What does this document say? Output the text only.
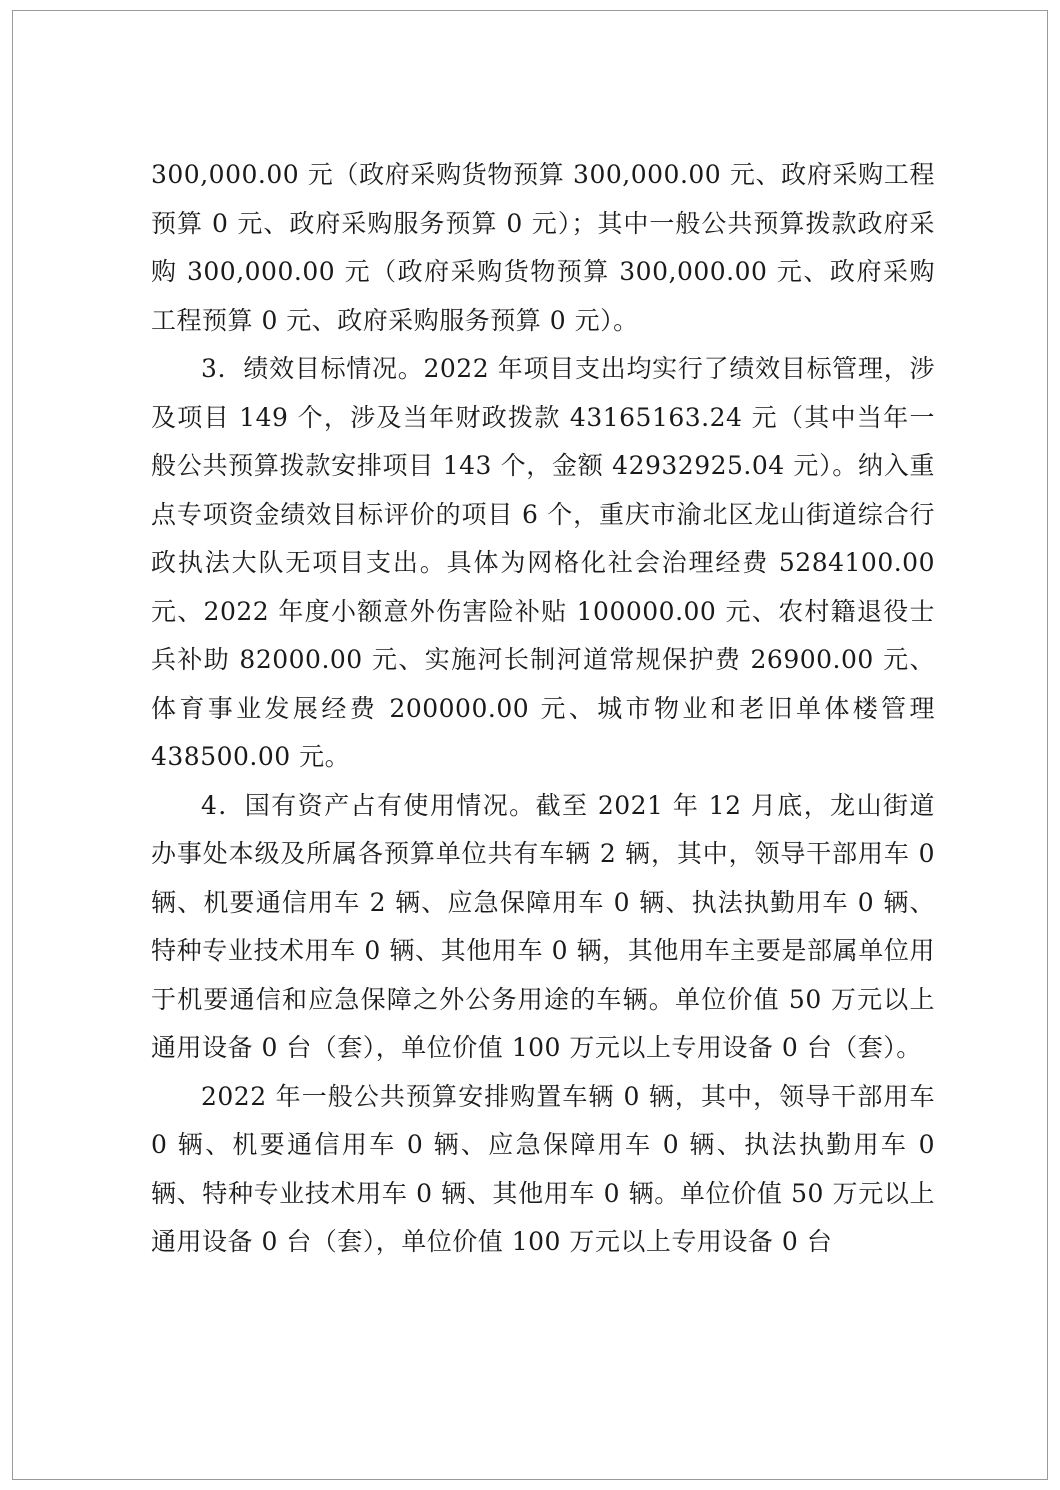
300,000.00 元（政府采购货物预算 300,000.00 元、政府采购工程预算 0 元、政府采购服务预算 0 元）；其中一般公共预算拨款政府采购 300,000.00 元（政府采购货物预算 300,000.00 元、政府采购工程预算 0 元、政府采购服务预算 0 元）。

3．绩效目标情况。2022 年项目支出均实行了绩效目标管理，涉及项目 149 个，涉及当年财政拨款 43165163.24 元（其中当年一般公共预算拨款安排项目 143 个，金额 42932925.04 元）。纳入重点专项资金绩效目标评价的项目 6 个，重庆市渝北区龙山街道综合行政执法大队无项目支出。具体为网格化社会治理经费 5284100.00 元、2022 年度小额意外伤害险补贴 100000.00 元、农村籍退役士兵补助 82000.00 元、实施河长制河道常规保护费 26900.00 元、体育事业发展经费 200000.00 元、城市物业和老旧单体楼管理 438500.00 元。

4．国有资产占有使用情况。截至 2021 年 12 月底，龙山街道办事处本级及所属各预算单位共有车辆 2 辆，其中，领导干部用车 0 辆、机要通信用车 2 辆、应急保障用车 0 辆、执法执勤用车 0 辆、特种专业技术用车 0 辆、其他用车 0 辆，其他用车主要是部属单位用于机要通信和应急保障之外公务用途的车辆。单位价值 50 万元以上通用设备 0 台（套），单位价值 100 万元以上专用设备 0 台（套）。

2022 年一般公共预算安排购置车辆 0 辆，其中，领导干部用车 0 辆、机要通信用车 0 辆、应急保障用车 0 辆、执法执勤用车 0 辆、特种专业技术用车 0 辆、其他用车 0 辆。单位价值 50 万元以上通用设备 0 台（套），单位价值 100 万元以上专用设备 0 台
